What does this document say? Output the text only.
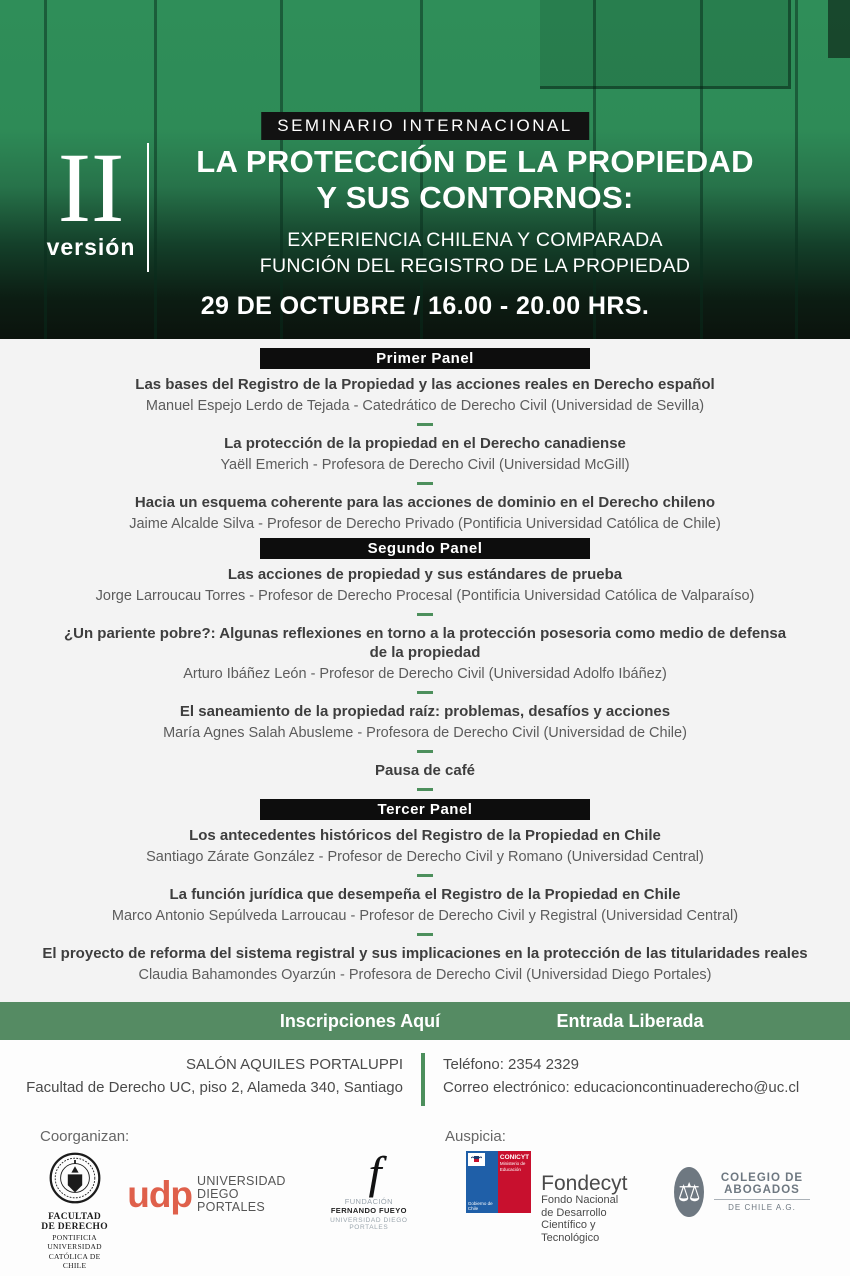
SEMINARIO INTERNACIONAL
II
versión
LA PROTECCIÓN DE LA PROPIEDAD
Y SUS CONTORNOS:
EXPERIENCIA CHILENA Y COMPARADA
FUNCIÓN DEL REGISTRO DE LA PROPIEDAD
29 DE OCTUBRE / 16.00 - 20.00 HRS.
Primer Panel
Las bases del Registro de la Propiedad y las acciones reales en Derecho español
Manuel Espejo Lerdo de Tejada - Catedrático de Derecho Civil (Universidad de Sevilla)
La protección de la propiedad en el Derecho canadiense
Yaëll Emerich - Profesora de Derecho Civil (Universidad McGill)
Hacia un esquema coherente para las acciones de dominio en el Derecho chileno
Jaime Alcalde Silva - Profesor de Derecho Privado (Pontificia Universidad Católica de Chile)
Segundo Panel
Las acciones de propiedad y sus estándares de prueba
Jorge Larroucau Torres - Profesor de Derecho Procesal (Pontificia Universidad Católica de Valparaíso)
¿Un pariente pobre?: Algunas reflexiones en torno a la protección posesoria como medio de defensa de la propiedad
Arturo Ibáñez León - Profesor de Derecho Civil (Universidad Adolfo Ibáñez)
El saneamiento de la propiedad raíz: problemas, desafíos y acciones
María Agnes Salah Abusleme - Profesora de Derecho Civil (Universidad de Chile)
Pausa de café
Tercer Panel
Los antecedentes históricos del Registro de la Propiedad en Chile
Santiago Zárate González - Profesor de Derecho Civil y Romano (Universidad Central)
La función jurídica que desempeña el Registro de la Propiedad en Chile
Marco Antonio Sepúlveda Larroucau - Profesor de Derecho Civil y Registral (Universidad Central)
El proyecto de reforma del sistema registral y sus implicaciones en la protección de las titularidades reales
Claudia Bahamondes Oyarzún - Profesora de Derecho Civil (Universidad Diego Portales)
Inscripciones Aquí	Entrada Liberada
SALÓN AQUILES PORTALUPPI
Facultad de Derecho UC, piso 2, Alameda 340, Santiago
Teléfono: 2354 2329
Correo electrónico: educacioncontinuaderecho@uc.cl
Coorganizan:	Auspicia:
FACULTAD DE DERECHO
PONTIFICIA UNIVERSIDAD
CATÓLICA DE CHILE
udp UNIVERSIDAD
DIEGO PORTALES
f
FUNDACIÓN FERNANDO FUEYO
UNIVERSIDAD DIEGO PORTALES
Gobierno de Chile
CONICYT
Ministerio de
Educación
Fondecyt
Fondo Nacional de Desarrollo
Científico y Tecnológico
⚖	COLEGIO DE ABOGADOS
DE CHILE A.G.
